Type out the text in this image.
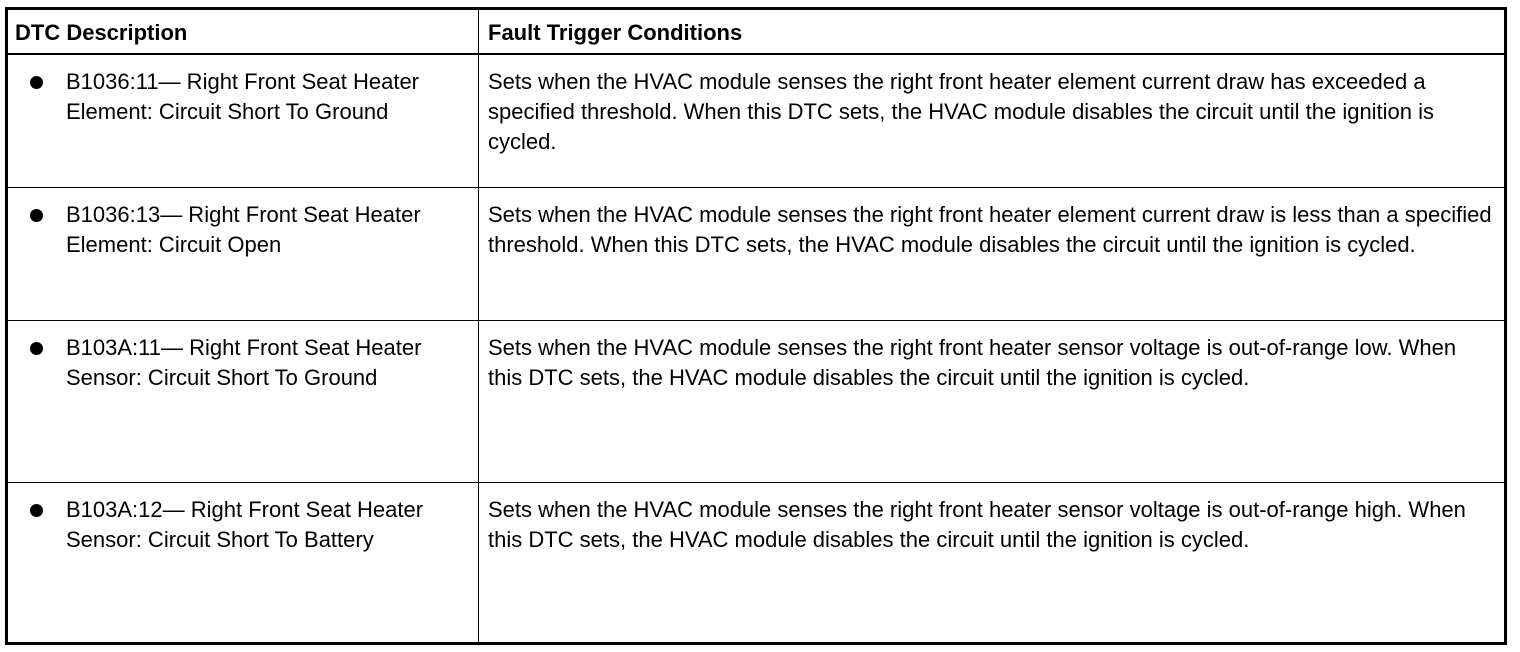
DTC Description	Fault Trigger Conditions
B1036:11— Right Front Seat Heater Element: Circuit Short To Ground
Sets when the HVAC module senses the right front heater element current draw has exceeded a specified threshold. When this DTC sets, the HVAC module disables the circuit until the ignition is cycled.
B1036:13— Right Front Seat Heater Element: Circuit Open
Sets when the HVAC module senses the right front heater element current draw is less than a specified threshold. When this DTC sets, the HVAC module disables the circuit until the ignition is cycled.
B103A:11— Right Front Seat Heater Sensor: Circuit Short To Ground
Sets when the HVAC module senses the right front heater sensor voltage is out-of-range low. When this DTC sets, the HVAC module disables the circuit until the ignition is cycled.
B103A:12— Right Front Seat Heater Sensor: Circuit Short To Battery
Sets when the HVAC module senses the right front heater sensor voltage is out-of-range high. When this DTC sets, the HVAC module disables the circuit until the ignition is cycled.
